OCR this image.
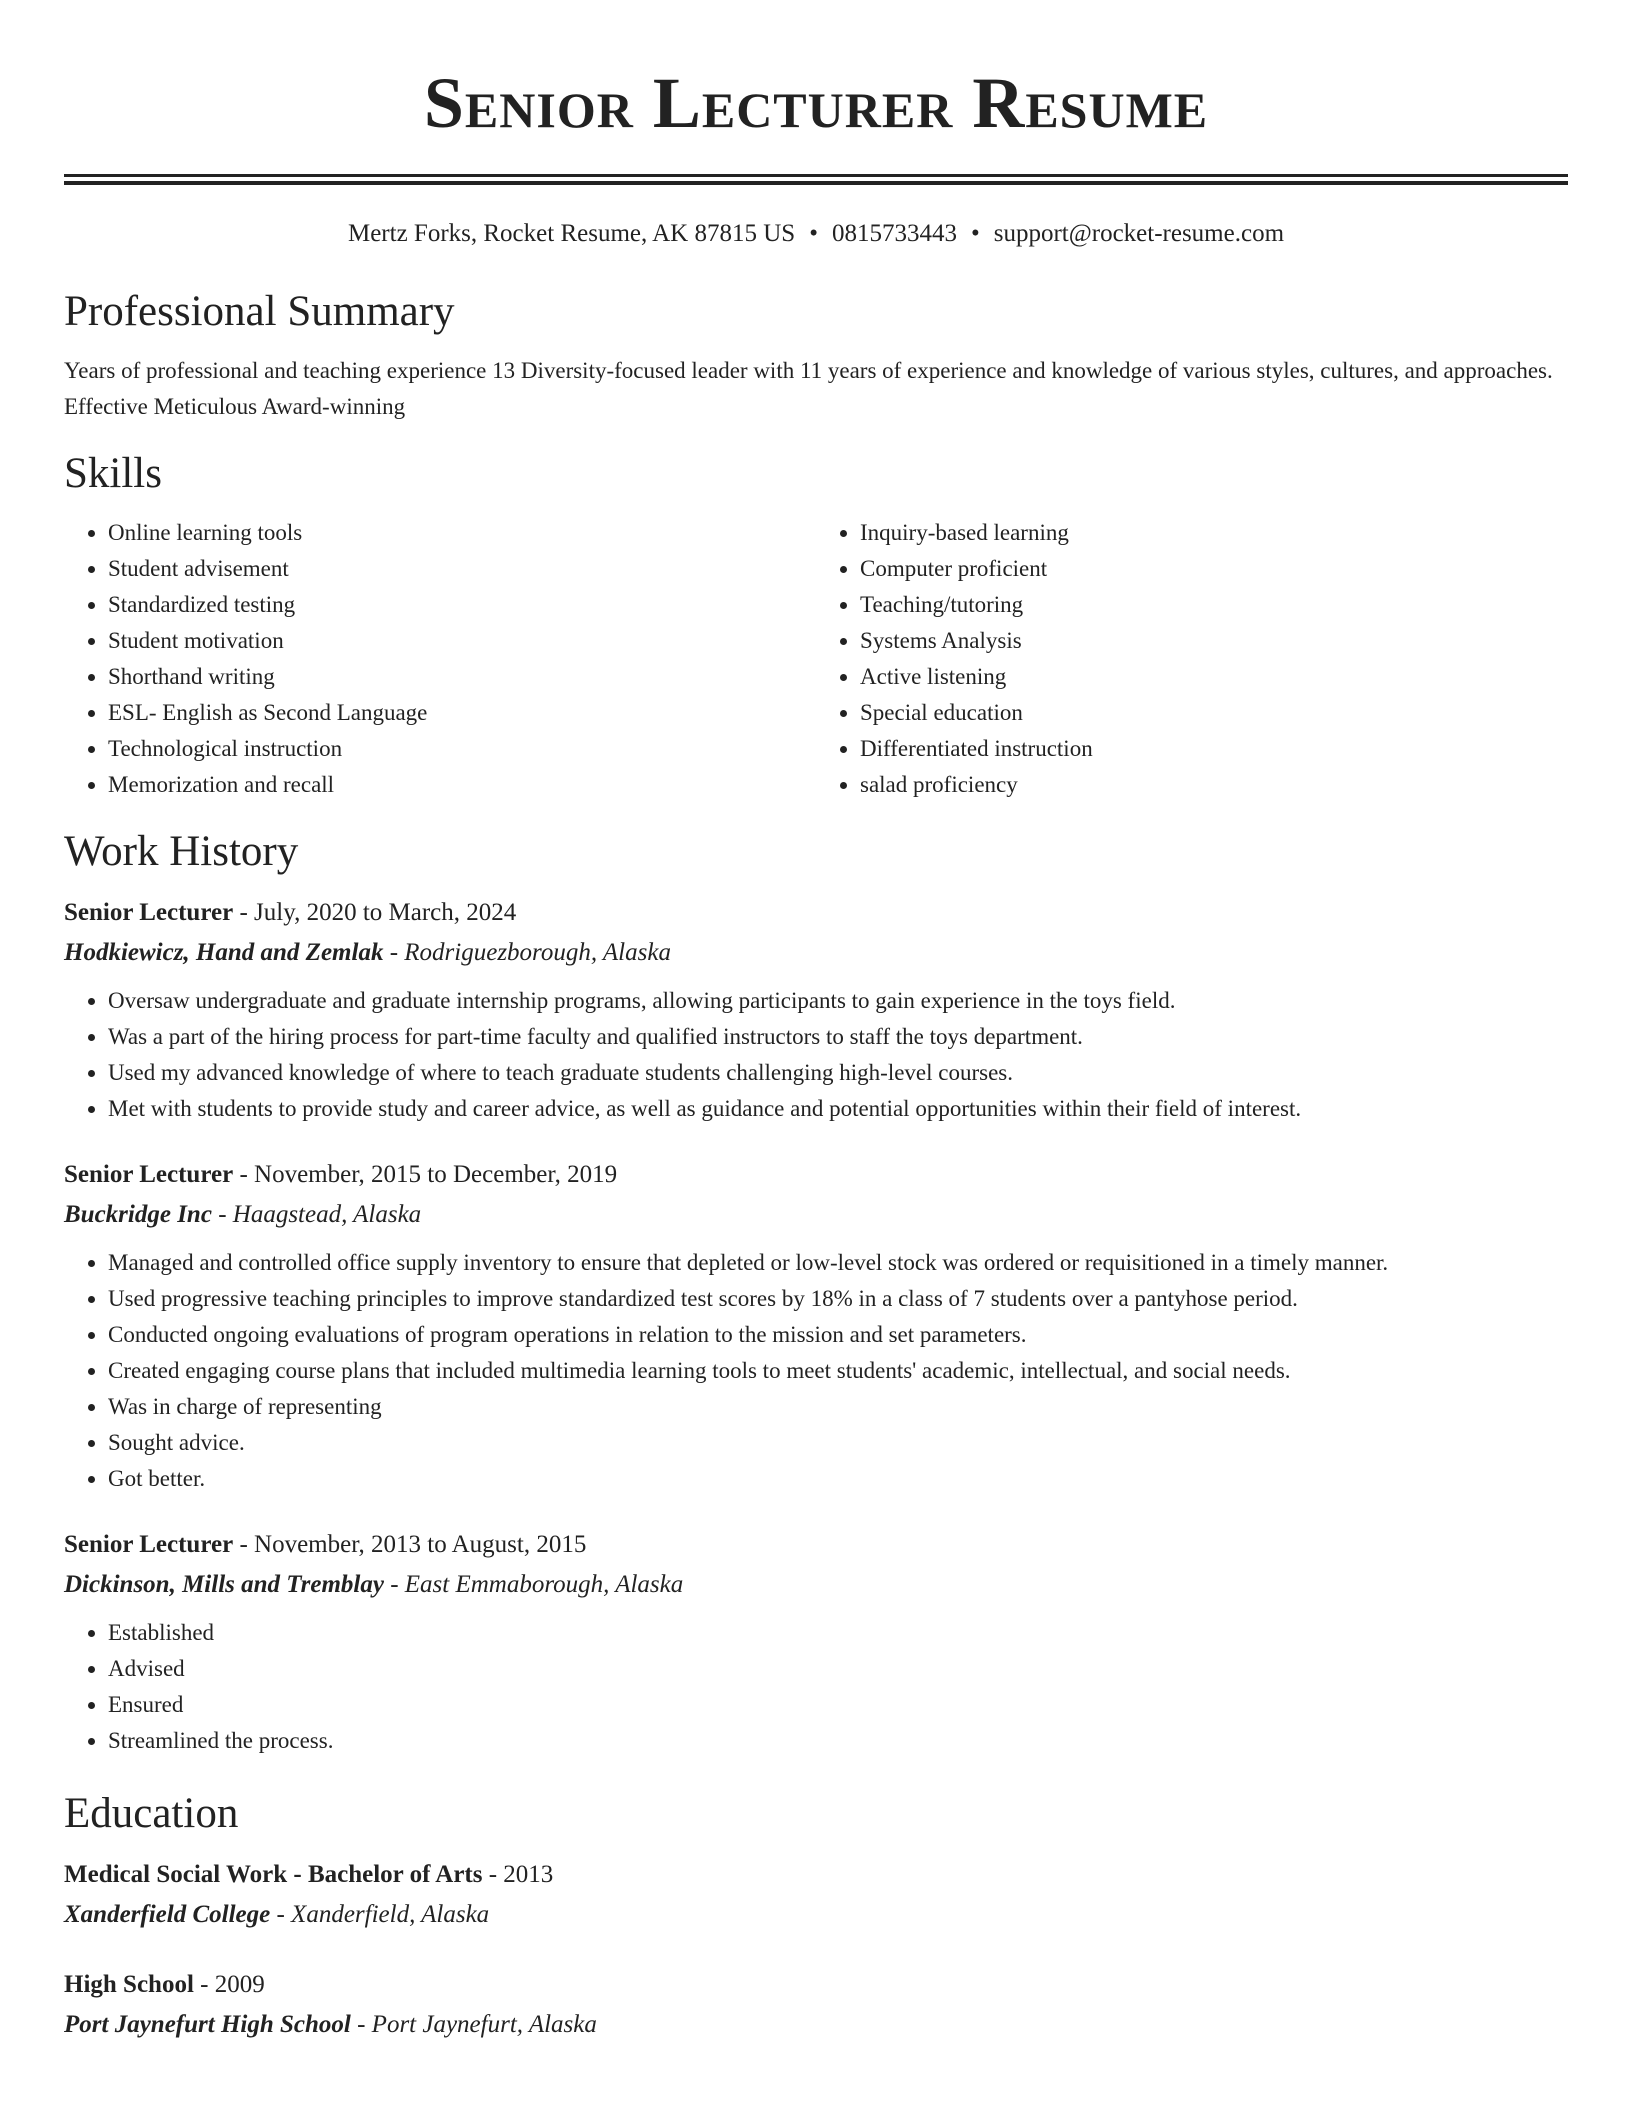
Senior Lecturer Resume
Mertz Forks, Rocket Resume, AK 87815 US • 0815733443 • support@rocket-resume.com
Professional Summary

Years of professional and teaching experience 13 Diversity-focused leader with 11 years of experience and knowledge of various styles, cultures, and approaches. Effective Meticulous Award-winning

Skills
• Online learning tools
• Student advisement
• Standardized testing
• Student motivation
• Shorthand writing
• ESL- English as Second Language
• Technological instruction
• Memorization and recall
• Inquiry-based learning
• Computer proficient
• Teaching/tutoring
• Systems Analysis
• Active listening
• Special education
• Differentiated instruction
• salad proficiency
Work History
Senior Lecturer - July, 2020 to March, 2024
Hodkiewicz, Hand and Zemlak - Rodriguezborough, Alaska
• Oversaw undergraduate and graduate internship programs, allowing participants to gain experience in the toys field.
• Was a part of the hiring process for part-time faculty and qualified instructors to staff the toys department.
• Used my advanced knowledge of where to teach graduate students challenging high-level courses.
• Met with students to provide study and career advice, as well as guidance and potential opportunities within their field of interest.
Senior Lecturer - November, 2015 to December, 2019
Buckridge Inc - Haagstead, Alaska
• Managed and controlled office supply inventory to ensure that depleted or low-level stock was ordered or requisitioned in a timely manner.
• Used progressive teaching principles to improve standardized test scores by 18% in a class of 7 students over a pantyhose period.
• Conducted ongoing evaluations of program operations in relation to the mission and set parameters.
• Created engaging course plans that included multimedia learning tools to meet students' academic, intellectual, and social needs.
• Was in charge of representing
• Sought advice.
• Got better.
Senior Lecturer - November, 2013 to August, 2015
Dickinson, Mills and Tremblay - East Emmaborough, Alaska
• Established
• Advised
• Ensured
• Streamlined the process.
Education
Medical Social Work - Bachelor of Arts - 2013
Xanderfield College - Xanderfield, Alaska
High School - 2009
Port Jaynefurt High School - Port Jaynefurt, Alaska
